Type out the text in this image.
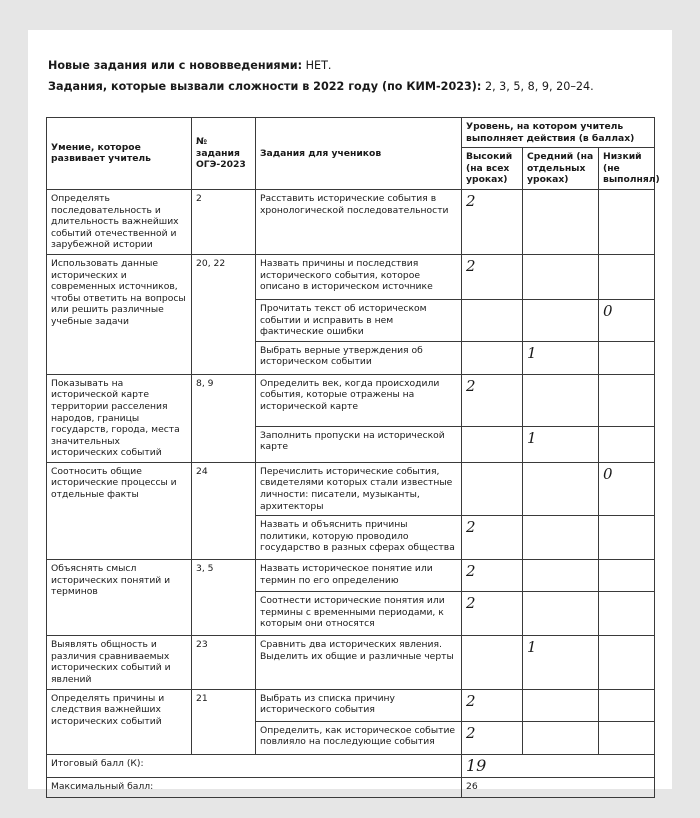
Новые задания или с нововведениями: НЕТ.
Задания, которые вызвали сложности в 2022 году (по КИМ-2023): 2, 3, 5, 8, 9, 20–24.
Умение, которое развивает учитель	№ задания ОГЭ-2023	Задания для учеников	Уровень, на котором учитель выполняет действия (в баллах)		
			Высокий (на всех уроках)	Средний (на отдельных уроках)	Низкий (не выполнял)
Определять последовательность и длительность важнейших событий отечественной и зарубежной истории	2	Расставить исторические события в хронологической последовательности	2		
Использовать данные исторических и современных источников, чтобы ответить на вопросы или решить различные учебные задачи	20, 22	Назвать причины и последствия исторического события, которое описано в историческом источнике	2		
		Прочитать текст об историческом событии и исправить в нем фактические ошибки			0
		Выбрать верные утверждения об историческом событии		1	
Показывать на исторической карте территории расселения народов, границы государств, города, места значительных исторических событий	8, 9	Определить век, когда происходили события, которые отражены на исторической карте	2		
		Заполнить пропуски на исторической карте		1	
Соотносить общие исторические процессы и отдельные факты	24	Перечислить исторические события, свидетелями которых стали известные личности: писатели, музыканты, архитекторы			0
		Назвать и объяснить причины политики, которую проводило государство в разных сферах общества	2		
Объяснять смысл исторических понятий и терминов	3, 5	Назвать историческое понятие или термин по его определению	2		
		Соотнести исторические понятия или термины с временными периодами, к которым они относятся	2		
Выявлять общность и различия сравниваемых исторических событий и явлений	23	Сравнить два исторических явления. Выделить их общие и различные черты		1	
Определять причины и следствия важнейших исторических событий	21	Выбрать из списка причину исторического события	2		
		Определить, как историческое событие повлияло на последующие события	2		
Итоговый балл (К):			19		
Максимальный балл:			26		
